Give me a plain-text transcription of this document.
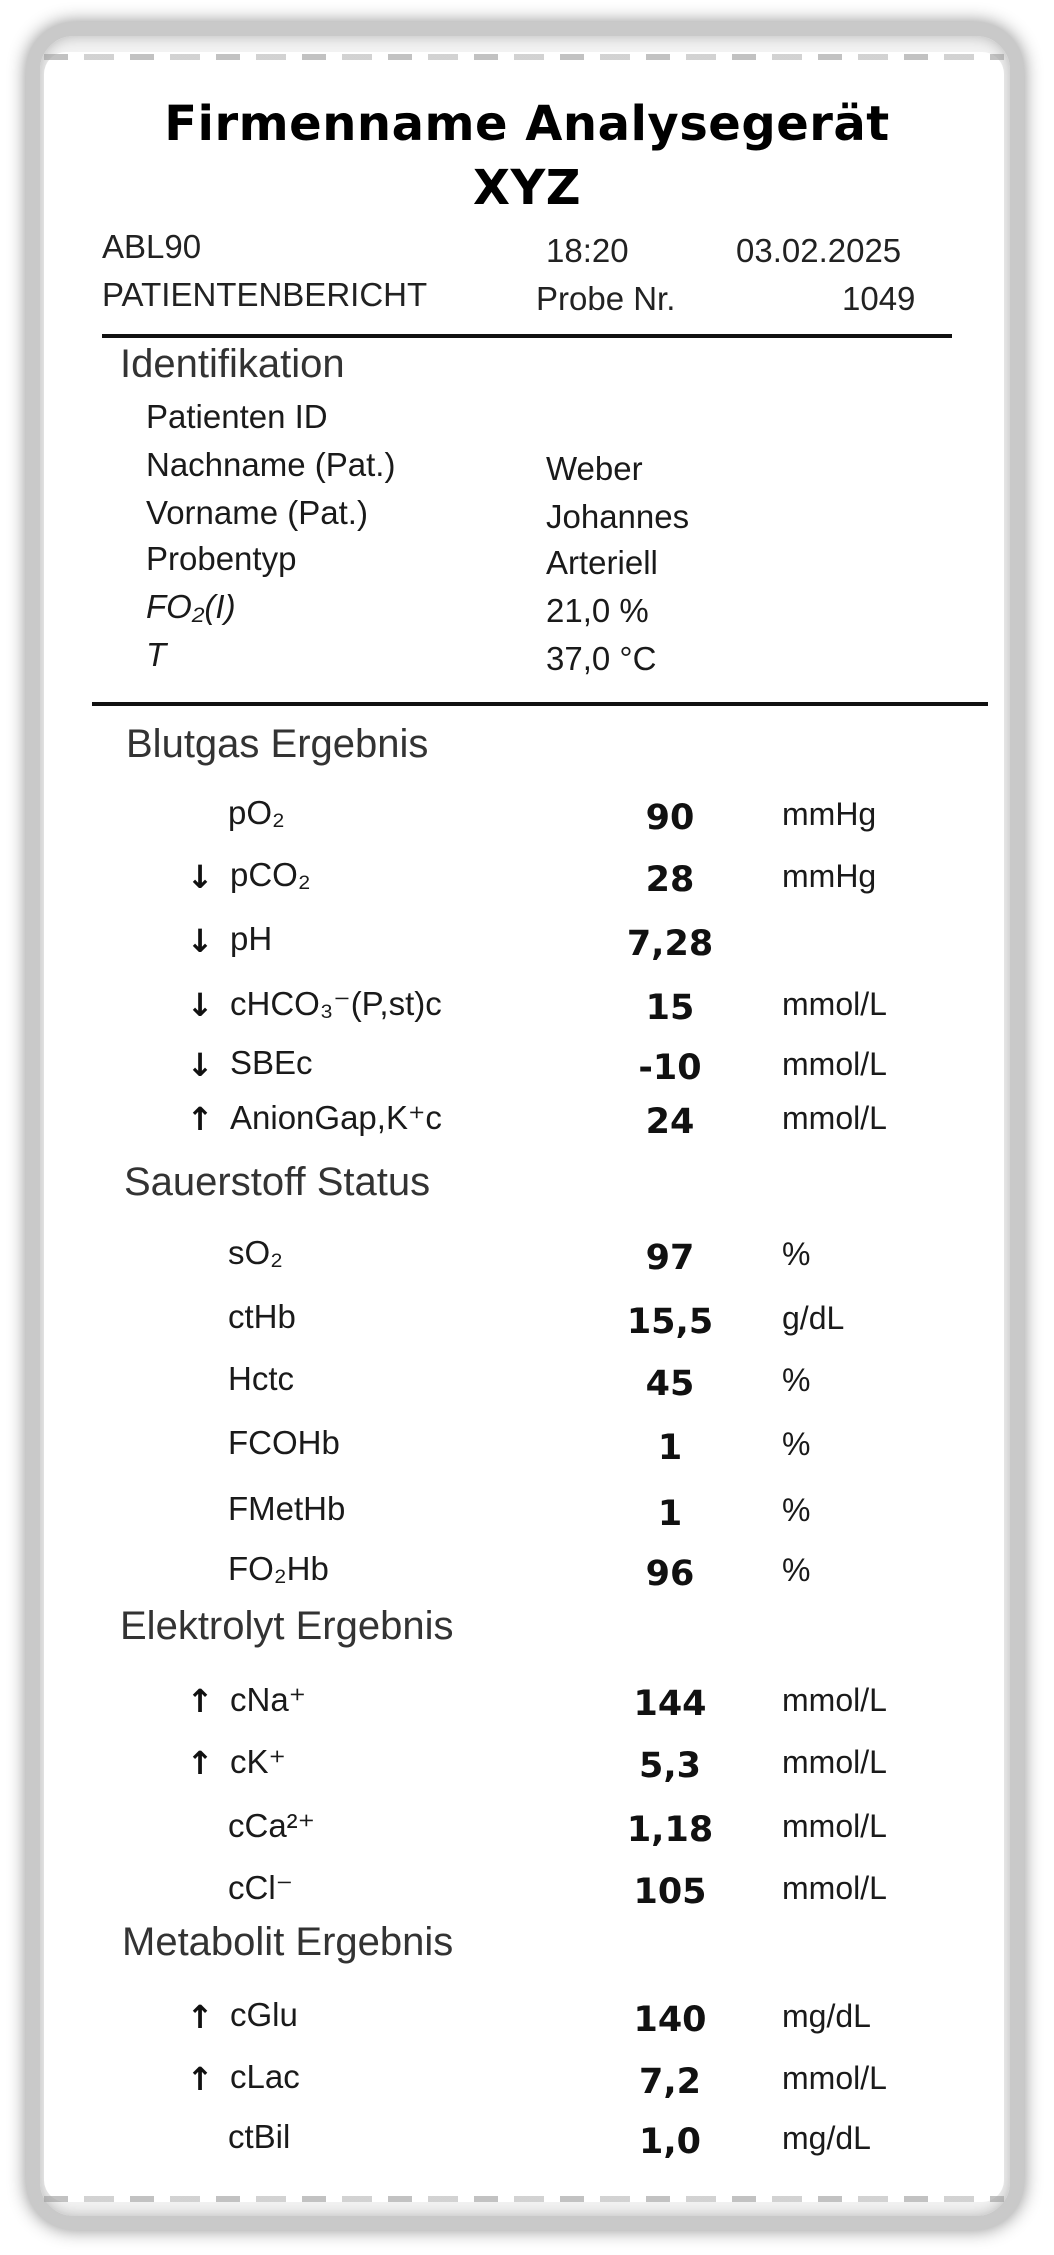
Firmenname Analysegerät
XYZ
ABL90	18:20	03.02.2025
PATIENTENBERICHT	Probe Nr.	1049
Identifikation
Patienten ID
Nachname (Pat.)	Weber
Vorname (Pat.)	Johannes
Probentyp	Arteriell
FO₂(I)	21,0 %
T	37,0 °C
Blutgas Ergebnis
pO₂	90	mmHg
↓ pCO₂	28	mmHg
↓ pH	7,28
↓ cHCO₃⁻(P,st)c	15	mmol/L
↓ SBEc	-10	mmol/L
↑ AnionGap,K⁺c	24	mmol/L
Sauerstoff Status
sO₂	97	%
ctHb	15,5	g/dL
Hctc	45	%
FCOHb	1	%
FMetHb	1	%
FO₂Hb	96	%
Elektrolyt Ergebnis
↑ cNa⁺	144	mmol/L
↑ cK⁺	5,3	mmol/L
cCa²⁺	1,18	mmol/L
cCl⁻	105	mmol/L
Metabolit Ergebnis
↑ cGlu	140	mg/dL
↑ cLac	7,2	mmol/L
ctBil	1,0	mg/dL
